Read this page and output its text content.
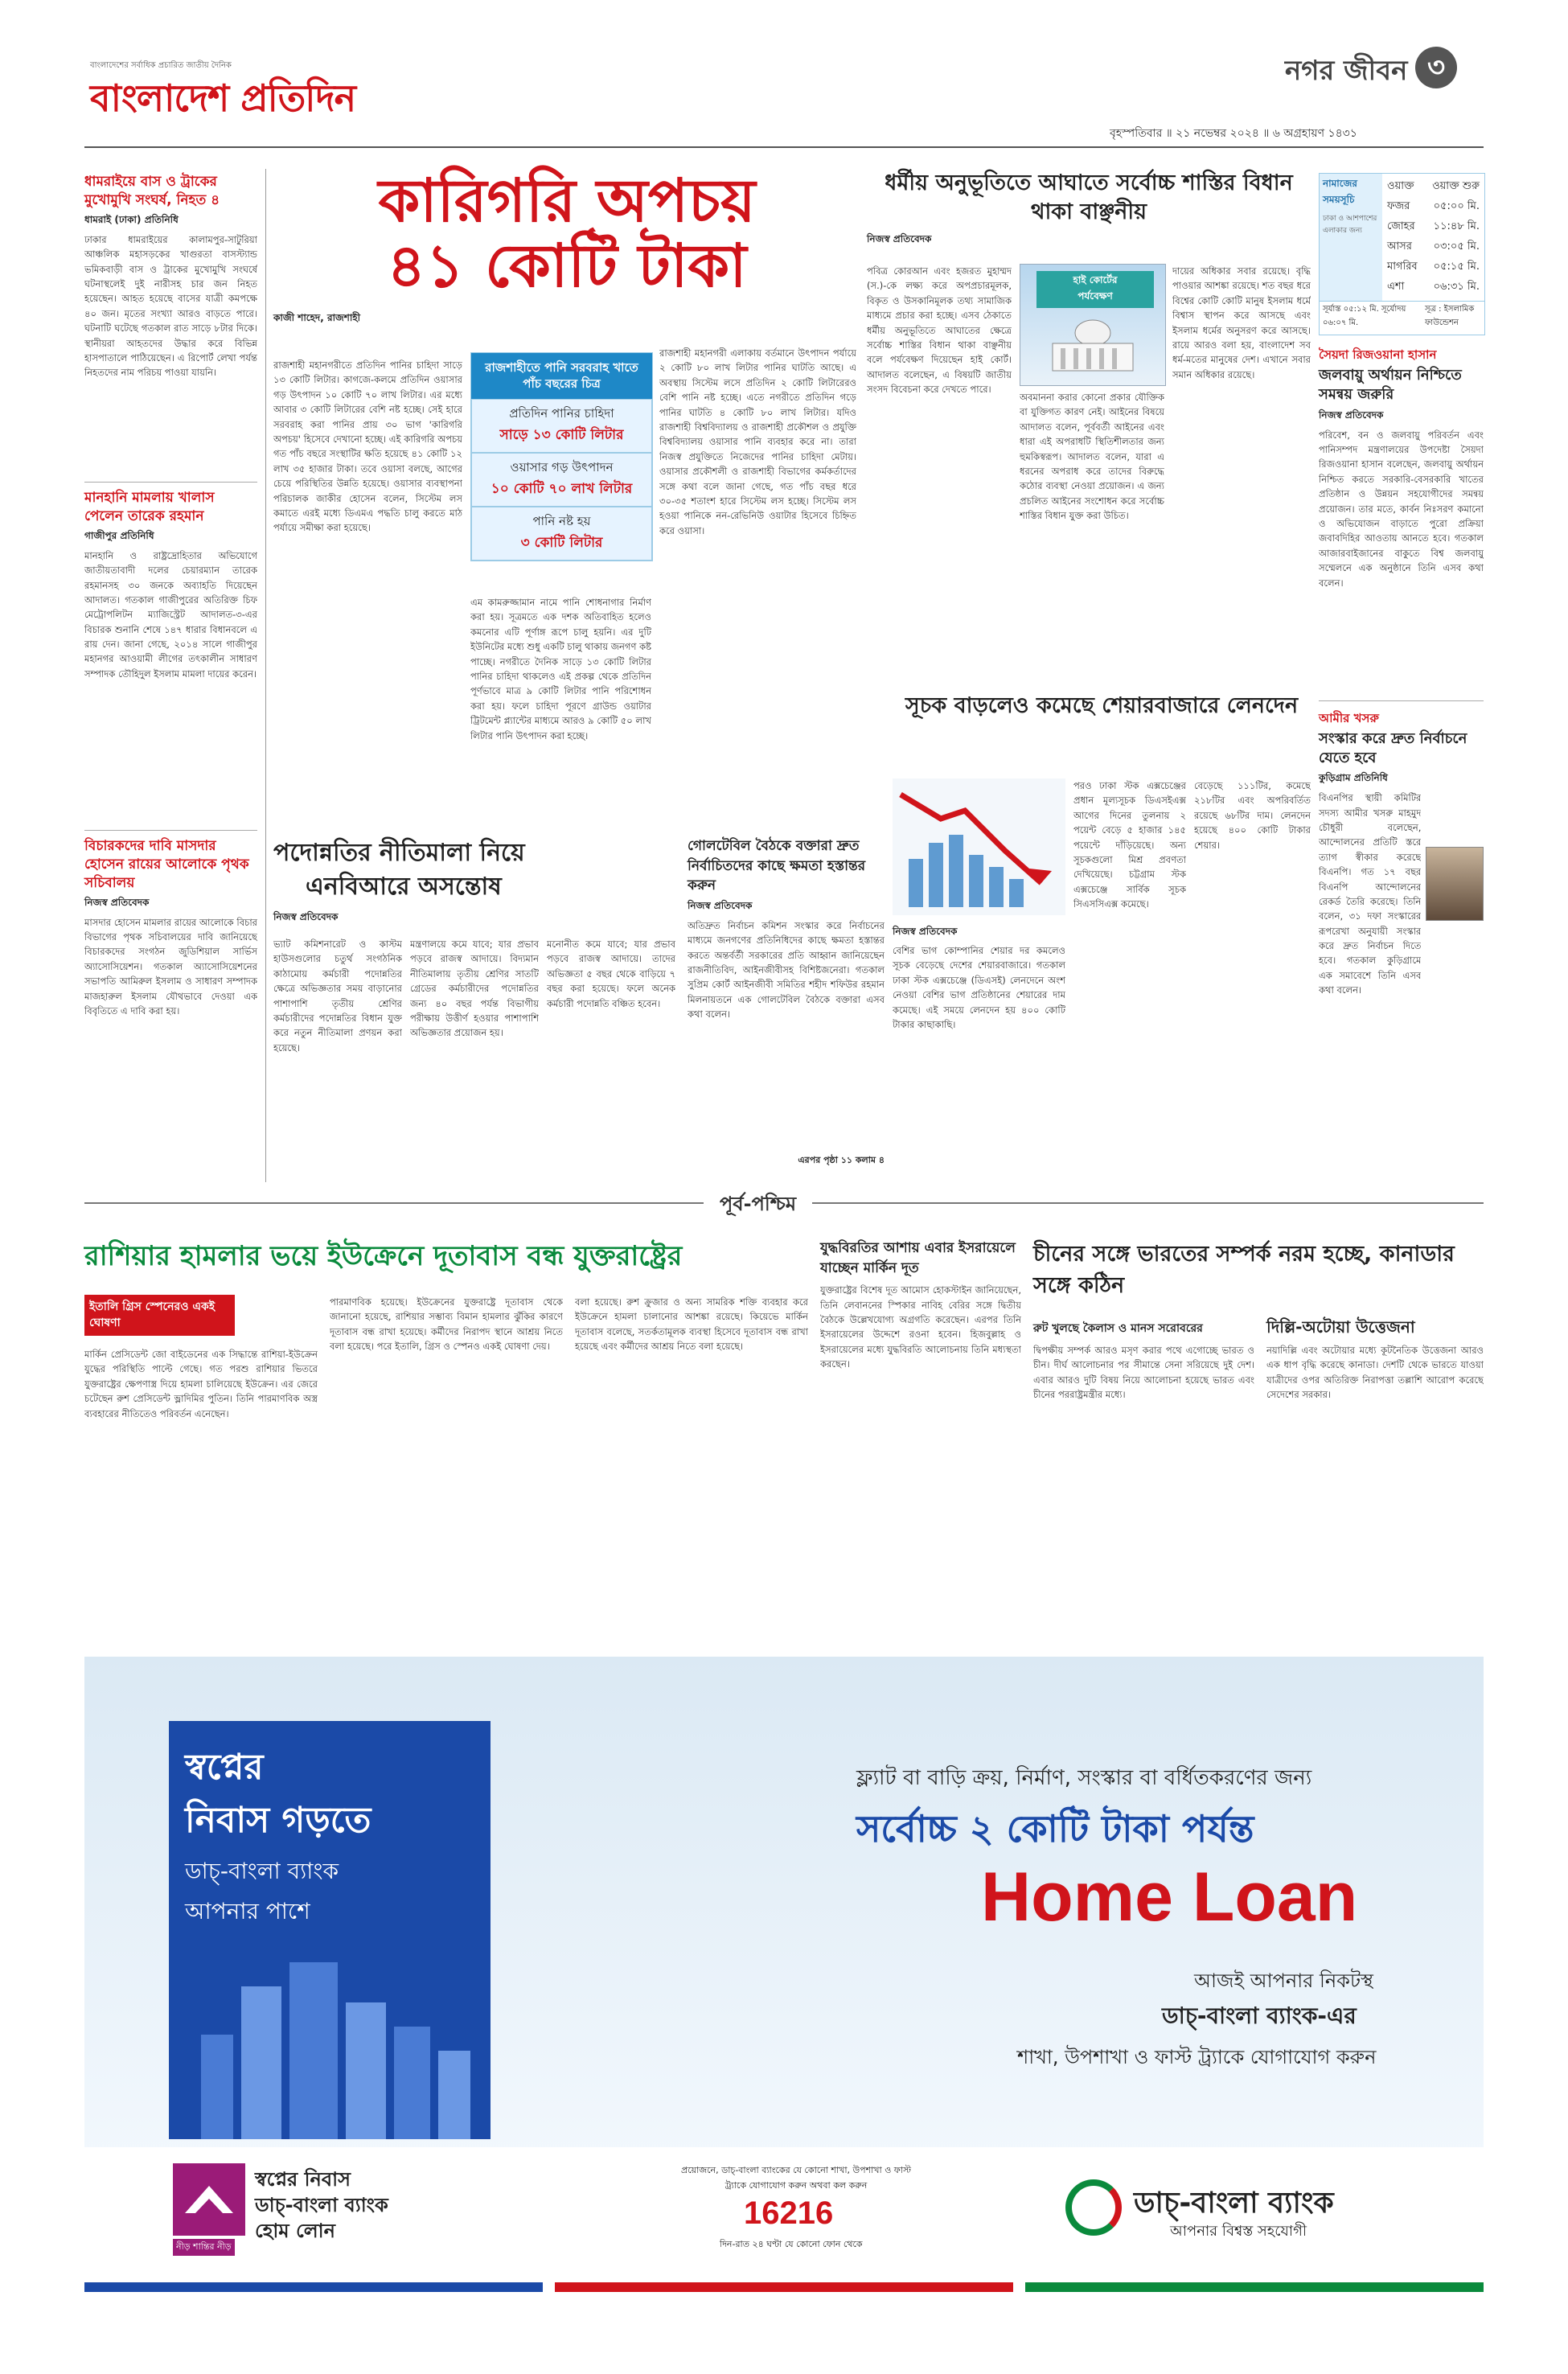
বাংলাদেশের সর্বাধিক প্রচারিত জাতীয় দৈনিক
বাংলাদেশ প্রতিদিন
নগর জীবন ৩
বৃহস্পতিবার ॥ ২১ নভেম্বর ২০২৪ ॥ ৬ অগ্রহায়ণ ১৪৩১
ধামরাইয়ে বাস ও ট্রাকের মুখোমুখি সংঘর্ষ, নিহত ৪
ধামরাই (ঢাকা) প্রতিনিধি
ঢাকার ধামরাইয়ের কালামপুর-সাটুরিয়া আঞ্চলিক মহাসড়কের খাগুরতা বাসস্ট্যান্ড ভমিকবাড়ী বাস ও ট্রাকের মুখোমুখি সংঘর্ষে ঘটনাস্থলেই দুই নারীসহ চার জন নিহত হয়েছেন। আহত হয়েছে বাসের যাত্রী কমপক্ষে ৪০ জন। মৃতের সংখ্যা আরও বাড়তে পারে। ঘটনাটি ঘটেছে গতকাল রাত সাড়ে ৮টার দিকে। স্থানীয়রা আহতদের উদ্ধার করে বিভিন্ন হাসপাতালে পাঠিয়েছেন। এ রিপোর্ট লেখা পর্যন্ত নিহতদের নাম পরিচয় পাওয়া যায়নি।
মানহানি মামলায় খালাস পেলেন তারেক রহমান
গাজীপুর প্রতিনিধি
মানহানি ও রাষ্ট্রদ্রোহিতার অভিযোগে জাতীয়তাবাদী দলের চেয়ারম্যান তারেক রহমানসহ ৩০ জনকে অব্যাহতি দিয়েছেন আদালত। গতকাল গাজীপুরের অতিরিক্ত চিফ মেট্রোপলিটন ম্যাজিস্ট্রেট আদালত-৩-এর বিচারক শুনানি শেষে ১৪৭ ধারার বিধানবলে এ রায় দেন। জানা গেছে, ২০১৪ সালে গাজীপুর মহানগর আওয়ামী লীগের তৎকালীন সাধারণ সম্পাদক তৌহিদুল ইসলাম মামলা দায়ের করেন।
বিচারকদের দাবি মাসদার হোসেন রায়ের আলোকে পৃথক সচিবালয়
নিজস্ব প্রতিবেদক
মাসদার হোসেন মামলার রায়ের আলোকে বিচার বিভাগের পৃথক সচিবালয়ের দাবি জানিয়েছে বিচারকদের সংগঠন জুডিশিয়াল সার্ভিস অ্যাসোসিয়েশন। গতকাল অ্যাসোসিয়েশনের সভাপতি আমিরুল ইসলাম ও সাধারণ সম্পাদক মাজহারুল ইসলাম যৌথভাবে দেওয়া এক বিবৃতিতে এ দাবি করা হয়।
কারিগরি অপচয়
৪১ কোটি টাকা
কাজী শাহেদ, রাজশাহী
রাজশাহী মহানগরীতে প্রতিদিন পানির চাহিদা সাড়ে ১৩ কোটি লিটার। কাগজে-কলমে প্রতিদিন ওয়াসার গড় উৎপাদন ১০ কোটি ৭০ লাখ লিটার। এর মধ্যে আবার ৩ কোটি লিটারের বেশি নষ্ট হচ্ছে। সেই হারে সরবরাহ করা পানির প্রায় ৩০ ভাগ 'কারিগরি অপচয়' হিসেবে দেখানো হচ্ছে। এই কারিগরি অপচয় গত পাঁচ বছরে সংস্থাটির ক্ষতি হয়েছে ৪১ কোটি ১২ লাখ ৩৫ হাজার টাকা। তবে ওয়াসা বলছে, আগের চেয়ে পরিস্থিতির উন্নতি হয়েছে। ওয়াসার ব্যবস্থাপনা পরিচালক জাকীর হোসেন বলেন, সিস্টেম লস কমাতে এরই মধ্যে ডিএমএ পদ্ধতি চালু করতে মাঠ পর্যায়ে সমীক্ষা করা হয়েছে।
রাজশাহীতে পানি সরবরাহ খাতে পাঁচ বছরের চিত্র
প্রতিদিন পানির চাহিদা
সাড়ে ১৩ কোটি লিটার
ওয়াসার গড় উৎপাদন
১০ কোটি ৭০ লাখ লিটার
পানি নষ্ট হয়
৩ কোটি লিটার
এম কামরুজ্জামান নামে পানি শোধনাগার নির্মাণ করা হয়। সূত্রমতে এক দশক অতিবাহিত হলেও কমনোর এটি পূর্ণাঙ্গ রূপে চালু হয়নি। এর দুটি ইউনিটের মধ্যে শুধু একটি চালু থাকায় জনগণ কষ্ট পাচ্ছে। নগরীতে দৈনিক সাড়ে ১৩ কোটি লিটার পানির চাহিদা থাকলেও এই প্রকল্প থেকে প্রতিদিন পূর্ণভাবে মাত্র ৯ কোটি লিটার পানি পরিশোধন করা হয়। ফলে চাহিদা পূরণে গ্রাউন্ড ওয়াটার ট্রিটমেন্ট প্ল্যান্টের মাধ্যমে আরও ৯ কোটি ৫০ লাখ লিটার পানি উৎপাদন করা হচ্ছে।
রাজশাহী মহানগরী এলাকায় বর্তমানে উৎপাদন পর্যায়ে ২ কোটি ৮০ লাখ লিটার পানির ঘাটতি আছে। এ অবস্থায় সিস্টেম লসে প্রতিদিন ২ কোটি লিটারেরও বেশি পানি নষ্ট হচ্ছে। এতে নগরীতে প্রতিদিন গড়ে পানির ঘাটতি ৪ কোটি ৮০ লাখ লিটার। যদিও রাজশাহী বিশ্ববিদ্যালয় ও রাজশাহী প্রকৌশল ও প্রযুক্তি বিশ্ববিদ্যালয় ওয়াসার পানি ব্যবহার করে না। তারা নিজস্ব প্রযুক্তিতে নিজেদের পানির চাহিদা মেটায়। ওয়াসার প্রকৌশলী ও রাজশাহী বিভাগের কর্মকর্তাদের সঙ্গে কথা বলে জানা গেছে, গত পাঁচ বছর ধরে ৩০-৩৫ শতাংশ হারে সিস্টেম লস হচ্ছে। সিস্টেম লস হওয়া পানিকে নন-রেভিনিউ ওয়াটার হিসেবে চিহ্নিত করে ওয়াসা।
ধর্মীয় অনুভূতিতে আঘাতে সর্বোচ্চ শাস্তির বিধান থাকা বাঞ্ছনীয়
নিজস্ব প্রতিবেদক
পবিত্র কোরআন এবং হজরত মুহাম্মদ (স.)-কে লক্ষ্য করে অপপ্রচারমূলক, বিকৃত ও উসকানিমূলক তথ্য সামাজিক মাধ্যমে প্রচার করা হচ্ছে। এসব ঠেকাতে ধর্মীয় অনুভূতিতে আঘাতের ক্ষেত্রে সর্বোচ্চ শাস্তির বিধান থাকা বাঞ্ছনীয় বলে পর্যবেক্ষণ দিয়েছেন হাই কোর্ট। আদালত বলেছেন, এ বিষয়টি জাতীয় সংসদ বিবেচনা করে দেখতে পারে।
হাই কোর্টের
পর্যবেক্ষণ
অবমাননা করার কোনো প্রকার যৌক্তিক বা যুক্তিগত কারণ নেই। আইনের বিষয়ে আদালত বলেন, পূর্ববর্তী আইনের এবং ধারা এই অপরাধটি স্থিতিশীলতার জন্য হুমকিস্বরূপ। আদালত বলেন, যারা এ ধরনের অপরাধ করে তাদের বিরুদ্ধে কঠোর ব্যবস্থা নেওয়া প্রয়োজন। এ জন্য প্রচলিত আইনের সংশোধন করে সর্বোচ্চ শাস্তির বিধান যুক্ত করা উচিত।
দায়ের অধিকার সবার রয়েছে। বৃদ্ধি পাওয়ার আশঙ্কা রয়েছে। শত বছর ধরে বিশ্বের কোটি কোটি মানুষ ইসলাম ধর্মে বিশ্বাস স্থাপন করে আসছে এবং ইসলাম ধর্মের অনুসরণ করে আসছে। রায়ে আরও বলা হয়, বাংলাদেশ সব ধর্ম-মতের মানুষের দেশ। এখানে সবার সমান অধিকার রয়েছে।
নামাজের সময়সূচি
ঢাকা ও আশপাশের এলাকার জন্য
ওয়াক্ত ওয়াক্ত শুরু
ফজর ০৫:০০ মি.
জোহর ১১:৪৮ মি.
আসর ০৩:০৫ মি.
মাগরিব ০৫:১৫ মি.
এশা	০৬:৩১ মি.
সূর্যাস্ত ০৫:১২ মি. সূর্যোদয় ০৬:০৭ মি.
সূত্র : ইসলামিক ফাউন্ডেশন
সৈয়দা রিজওয়ানা হাসান
জলবায়ু অর্থায়ন নিশ্চিতে সমন্বয় জরুরি
নিজস্ব প্রতিবেদক
পরিবেশ, বন ও জলবায়ু পরিবর্তন এবং পানিসম্পদ মন্ত্রণালয়ের উপদেষ্টা সৈয়দা রিজওয়ানা হাসান বলেছেন, জলবায়ু অর্থায়ন নিশ্চিত করতে সরকারি-বেসরকারি খাতের প্রতিষ্ঠান ও উন্নয়ন সহযোগীদের সমন্বয় প্রয়োজন। তার মতে, কার্বন নিঃসরণ কমানো ও অভিযোজন বাড়াতে পুরো প্রক্রিয়া জবাবদিহির আওতায় আনতে হবে। গতকাল আজারবাইজানের বাকুতে বিশ্ব জলবায়ু সম্মেলনে এক অনুষ্ঠানে তিনি এসব কথা বলেন।
আমীর খসরু
সংস্কার করে দ্রুত নির্বাচনে যেতে হবে
কুড়িগ্রাম প্রতিনিধি
বিএনপির স্থায়ী কমিটির সদস্য আমীর খসরু মাহমুদ চৌধুরী বলেছেন, আন্দোলনের প্রতিটি স্তরে ত্যাগ স্বীকার করেছে বিএনপি। গত ১৭ বছর বিএনপি আন্দোলনের রেকর্ড তৈরি করেছে। তিনি বলেন, ৩১ দফা সংস্কারের রূপরেখা অনুযায়ী সংস্কার করে দ্রুত নির্বাচন দিতে হবে। গতকাল কুড়িগ্রামে এক সমাবেশে তিনি এসব কথা বলেন।
সূচক বাড়লেও কমেছে শেয়ারবাজারে লেনদেন
নিজস্ব প্রতিবেদক
বেশির ভাগ কোম্পানির শেয়ার দর কমলেও সূচক বেড়েছে দেশের শেয়ারবাজারে। গতকাল ঢাকা স্টক এক্সচেঞ্জে (ডিএসই) লেনদেনে অংশ নেওয়া বেশির ভাগ প্রতিষ্ঠানের শেয়ারের দাম কমেছে। এই সময়ে লেনদেন হয় ৪০০ কোটি টাকার কাছাকাছি।
পরও ঢাকা স্টক এক্সচেঞ্জের প্রধান মূল্যসূচক ডিএসইএক্স আগের দিনের তুলনায় ২ পয়েন্ট বেড়ে ৫ হাজার ১৪৫ পয়েন্টে দাঁড়িয়েছে। অন্য সূচকগুলো মিশ্র প্রবণতা দেখিয়েছে। চট্টগ্রাম স্টক এক্সচেঞ্জে সার্বিক সূচক সিএসসিএক্স কমেছে।
বেড়েছে ১১১টির, কমেছে ২১৮টির এবং অপরিবর্তিত রয়েছে ৬৮টির দাম। লেনদেন হয়েছে ৪০০ কোটি টাকার শেয়ার।
পদোন্নতির নীতিমালা নিয়ে
এনবিআরে অসন্তোষ
নিজস্ব প্রতিবেদক
ভ্যাট কমিশনারেট ও কাস্টম হাউসগুলোর চতুর্থ সংগঠনিক কাঠামোয় কর্মচারী পদোন্নতির ক্ষেত্রে অভিজ্ঞতার সময় বাড়ানোর পাশাপাশি তৃতীয় শ্রেণির কর্মচারীদের পদোন্নতির বিধান যুক্ত করে নতুন নীতিমালা প্রণয়ন করা হয়েছে।
মন্ত্রণালয়ে কমে যাবে; যার প্রভাব পড়বে রাজস্ব আদায়ে। বিদ্যমান নীতিমালায় তৃতীয় শ্রেণির সাতটি গ্রেডের কর্মচারীদের পদোন্নতির জন্য ৪০ বছর পর্যন্ত বিভাগীয় পরীক্ষায় উত্তীর্ণ হওয়ার পাশাপাশি অভিজ্ঞতার প্রয়োজন হয়।
মনোনীত কমে যাবে; যার প্রভাব পড়বে রাজস্ব আদায়ে। তাদের অভিজ্ঞতা ৫ বছর থেকে বাড়িয়ে ৭ বছর করা হয়েছে। ফলে অনেক কর্মচারী পদোন্নতি বঞ্চিত হবেন।
গোলটেবিল বৈঠকে বক্তারা দ্রুত নির্বাচিতদের কাছে ক্ষমতা হস্তান্তর করুন
নিজস্ব প্রতিবেদক
অতিদ্রুত নির্বাচন কমিশন সংস্কার করে নির্বাচনের মাধ্যমে জনগণের প্রতিনিধিদের কাছে ক্ষমতা হস্তান্তর করতে অন্তর্বর্তী সরকারের প্রতি আহ্বান জানিয়েছেন রাজনীতিবিদ, আইনজীবীসহ বিশিষ্টজনেরা। গতকাল সুপ্রিম কোর্ট আইনজীবী সমিতির শহীদ শফিউর রহমান মিলনায়তনে এক গোলটেবিল বৈঠকে বক্তারা এসব কথা বলেন।
এরপর পৃষ্ঠা ১১ কলাম ৪
পূর্ব-পশ্চিম
রাশিয়ার হামলার ভয়ে ইউক্রেনে দূতাবাস বন্ধ যুক্তরাষ্ট্রের
ইতালি গ্রিস স্পেনেরও একই ঘোষণা
মার্কিন প্রেসিডেন্ট জো বাইডেনের এক সিদ্ধান্তে রাশিয়া-ইউক্রেন যুদ্ধের পরিস্থিতি পাল্টে গেছে। গত পরশু রাশিয়ার ভিতরে যুক্তরাষ্ট্রের ক্ষেপণাস্ত্র দিয়ে হামলা চালিয়েছে ইউক্রেন। এর জেরে চটেছেন রুশ প্রেসিডেন্ট ভ্লাদিমির পুতিন। তিনি পারমাণবিক অস্ত্র ব্যবহারের নীতিতেও পরিবর্তন এনেছেন।
পারমাণবিক হয়েছে। ইউক্রেনের যুক্তরাষ্ট্রে দূতাবাস থেকে জানানো হয়েছে, রাশিয়ার সম্ভাব্য বিমান হামলার ঝুঁকির কারণে দূতাবাস বন্ধ রাখা হয়েছে। কর্মীদের নিরাপদ স্থানে আশ্রয় নিতে বলা হয়েছে। পরে ইতালি, গ্রিস ও স্পেনও একই ঘোষণা দেয়।
বলা হয়েছে। রুশ ক্রুজার ও অন্য সামরিক শক্তি ব্যবহার করে ইউক্রেনে হামলা চালানোর আশঙ্কা রয়েছে। কিয়েভে মার্কিন দূতাবাস বলেছে, সতর্কতামূলক ব্যবস্থা হিসেবে দূতাবাস বন্ধ রাখা হয়েছে এবং কর্মীদের আশ্রয় নিতে বলা হয়েছে।
যুদ্ধবিরতির আশায় এবার ইসরায়েলে যাচ্ছেন মার্কিন দূত
যুক্তরাষ্ট্রের বিশেষ দূত আমোস হোকস্টাইন জানিয়েছেন, তিনি লেবাননের স্পিকার নাবিহ বেরির সঙ্গে দ্বিতীয় বৈঠকে উল্লেখযোগ্য অগ্রগতি করেছেন। এরপর তিনি ইসরায়েলের উদ্দেশে রওনা হবেন। হিজবুল্লাহ ও ইসরায়েলের মধ্যে যুদ্ধবিরতি আলোচনায় তিনি মধ্যস্থতা করছেন।
চীনের সঙ্গে ভারতের সম্পর্ক নরম হচ্ছে, কানাডার সঙ্গে কঠিন
রুট খুলছে কৈলাস ও মানস সরোবরের	দিল্লি-অটোয়া উত্তেজনা
দ্বিপক্ষীয় সম্পর্ক আরও মসৃণ করার পথে এগোচ্ছে ভারত ও চীন। দীর্ঘ আলোচনার পর সীমান্তে সেনা সরিয়েছে দুই দেশ। এবার আরও দুটি বিষয় নিয়ে আলোচনা হয়েছে ভারত এবং চীনের পররাষ্ট্রমন্ত্রীর মধ্যে।
নয়াদিল্লি এবং অটোয়ার মধ্যে কূটনৈতিক উত্তেজনা আরও এক ধাপ বৃদ্ধি করেছে কানাডা। দেশটি থেকে ভারতে যাওয়া যাত্রীদের ওপর অতিরিক্ত নিরাপত্তা তল্লাশি আরোপ করেছে সেদেশের সরকার।
স্বপ্নের
নিবাস গড়তে
ডাচ্-বাংলা ব্যাংক
আপনার পাশে
ফ্ল্যাট বা বাড়ি ক্রয়, নির্মাণ, সংস্কার বা বর্ধিতকরণের জন্য
সর্বোচ্চ ২ কোটি টাকা পর্যন্ত
Home Loan
আজই আপনার নিকটস্থ
ডাচ্-বাংলা ব্যাংক-এর
শাখা, উপশাখা ও ফাস্ট ট্র্যাকে যোগাযোগ করুন
নীড় শান্তির নীড়
স্বপ্নের নিবাস
ডাচ্-বাংলা ব্যাংক
হোম লোন
প্রয়োজনে, ডাচ্-বাংলা ব্যাংকের যে কোনো শাখা, উপশাখা ও ফাস্ট ট্র্যাকে যোগাযোগ করুন অথবা কল করুন
16216
দিন-রাত ২৪ ঘণ্টা যে কোনো ফোন থেকে
ডাচ্-বাংলা ব্যাংক
আপনার বিশ্বস্ত সহযোগী
